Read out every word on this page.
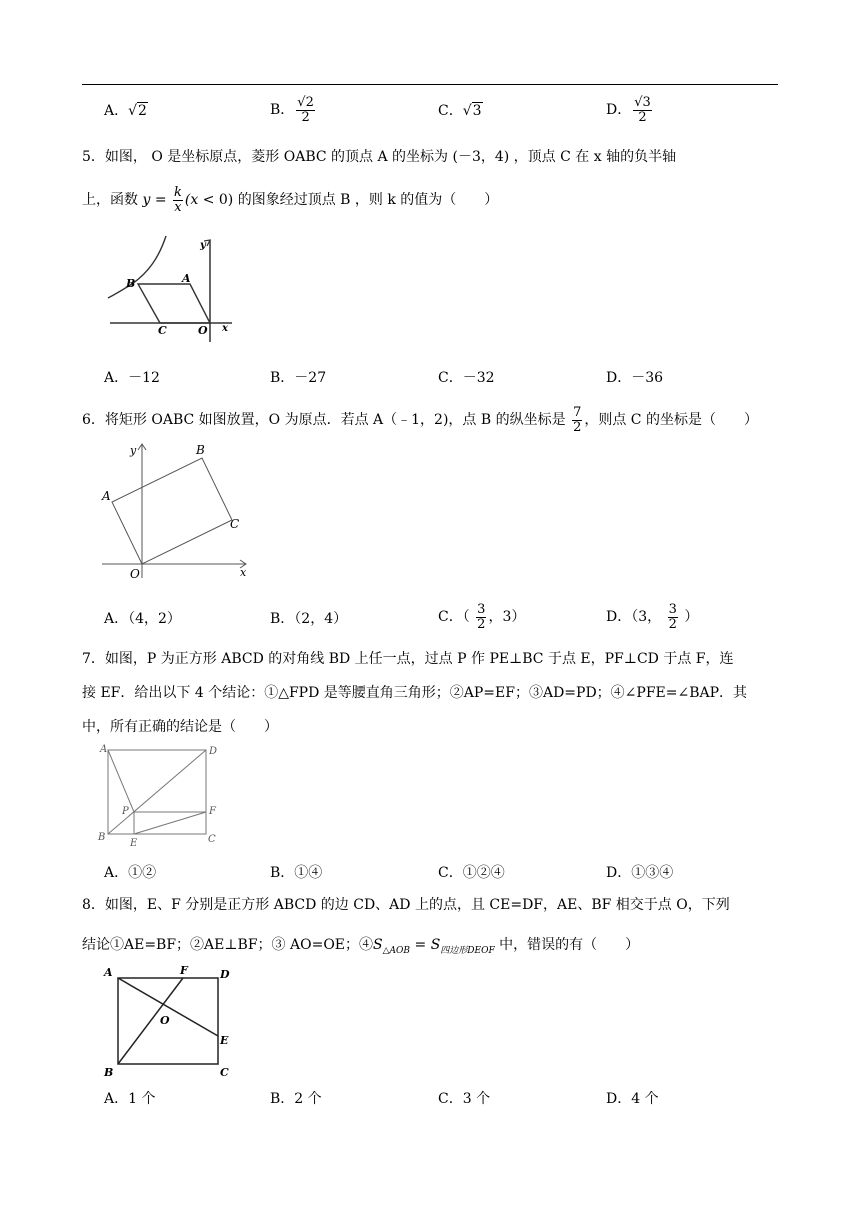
A．√2	B． $\frac{√2}{2}$	C．√3	D． $\frac{√3}{2}$
5．如图， O 是坐标原点，菱形 OABC 的顶点 A 的坐标为 (－3，4) ，顶点 C 在 x 轴的负半轴
上，函数 $y = \frac{k}{x} (x < 0)$ 的图象经过顶点 B ，则 k 的值为（　　）
B	A
C	O x
y
A．－12	B．－27	C．－32	D．－36
6．将矩形 OABC 如图放置，O 为原点．若点 A（﹣1，2)，点 B 的纵坐标是 $\frac{7}{2}$ ，则点 C 的坐标是（　　）
O
A
B
C
x
y
A．（4，2）	B．（2，4）	C．（ $\frac{3}{2}$ ，3）	D．（3， $\frac{3}{2}$ ）
7．如图，P 为正方形 ABCD 的对角线 BD 上任一点，过点 P 作 PE⊥BC 于点 E，PF⊥CD 于点 F，连
接 EF．给出以下 4 个结论：①△FPD 是等腰直角三角形；②AP=EF；③AD=PD；④∠PFE=∠BAP．其
中，所有正确的结论是（　　）
A	D
P	F
B
E	C
A．①②	B．①④	C．①②④	D．①③④
8．如图，E、F 分别是正方形 ABCD 的边 CD、AD 上的点，且 CE=DF，AE、BF 相交于点 O，下列
结论①AE=BF；②AE⊥BF；③ AO=OE；$④S_{\triangle AOB} = S_{四边形DEOF}$ 中，错误的有（　　）
A	F	D
O
E
B	C
A．1 个	B．2 个	C．3 个	D．4 个
